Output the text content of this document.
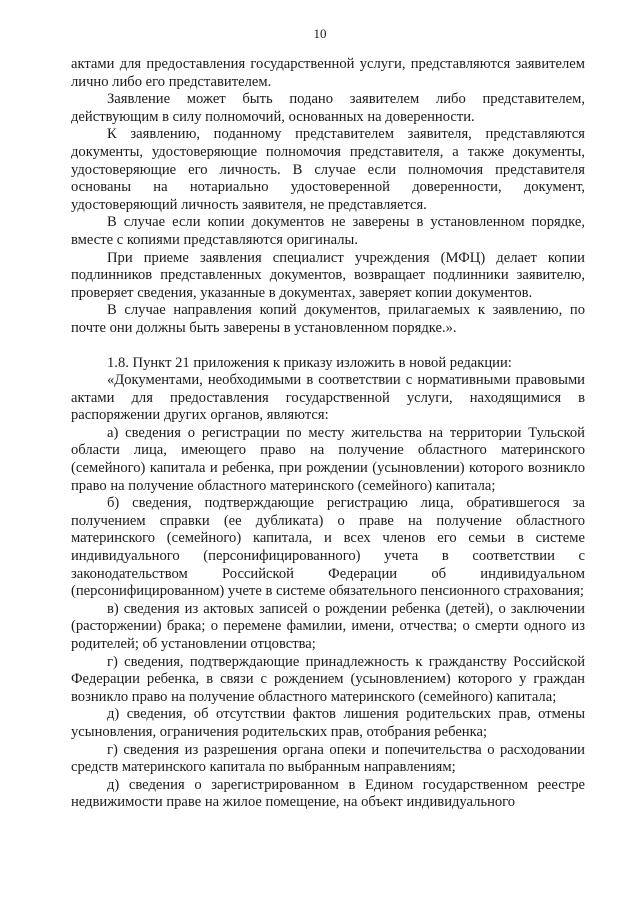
10

актами для предоставления государственной услуги, представляются заявителем лично либо его представителем.

Заявление может быть подано заявителем либо представителем, действующим в силу полномочий, основанных на доверенности.

К заявлению, поданному представителем заявителя, представляются документы, удостоверяющие полномочия представителя, а также документы, удостоверяющие его личность. В случае если полномочия представителя основаны на нотариально удостоверенной доверенности, документ, удостоверяющий личность заявителя, не представляется.

В случае если копии документов не заверены в установленном порядке, вместе с копиями представляются оригиналы.

При приеме заявления специалист учреждения (МФЦ) делает копии подлинников представленных документов, возвращает подлинники заявителю, проверяет сведения, указанные в документах, заверяет копии документов.

В случае направления копий документов, прилагаемых к заявлению, по почте они должны быть заверены в установленном порядке.».

1.8. Пункт 21 приложения к приказу изложить в новой редакции:

«Документами, необходимыми в соответствии с нормативными правовыми актами для предоставления государственной услуги, находящимися в распоряжении других органов, являются:

а) сведения о регистрации по месту жительства на территории Тульской области лица, имеющего право на получение областного материнского (семейного) капитала и ребенка, при рождении (усыновлении) которого возникло право на получение областного материнского (семейного) капитала;

б) сведения, подтверждающие регистрацию лица, обратившегося за получением справки (ее дубликата) о праве на получение областного материнского (семейного) капитала, и всех членов его семьи в системе индивидуального (персонифицированного) учета в соответствии с законодательством Российской Федерации об индивидуальном (персонифицированном) учете в системе обязательного пенсионного страхования;

в) сведения из актовых записей о рождении ребенка (детей), о заключении (расторжении) брака; о перемене фамилии, имени, отчества; о смерти одного из родителей; об установлении отцовства;

г) сведения, подтверждающие принадлежность к гражданству Российской Федерации ребенка, в связи с рождением (усыновлением) которого у граждан возникло право на получение областного материнского (семейного) капитала;

д) сведения, об отсутствии фактов лишения родительских прав, отмены усыновления, ограничения родительских прав, отобрания ребенка;

г) сведения из разрешения органа опеки и попечительства о расходовании средств материнского капитала по выбранным направлениям;

д) сведения о зарегистрированном в Едином государственном реестре недвижимости праве на жилое помещение, на объект индивидуального
